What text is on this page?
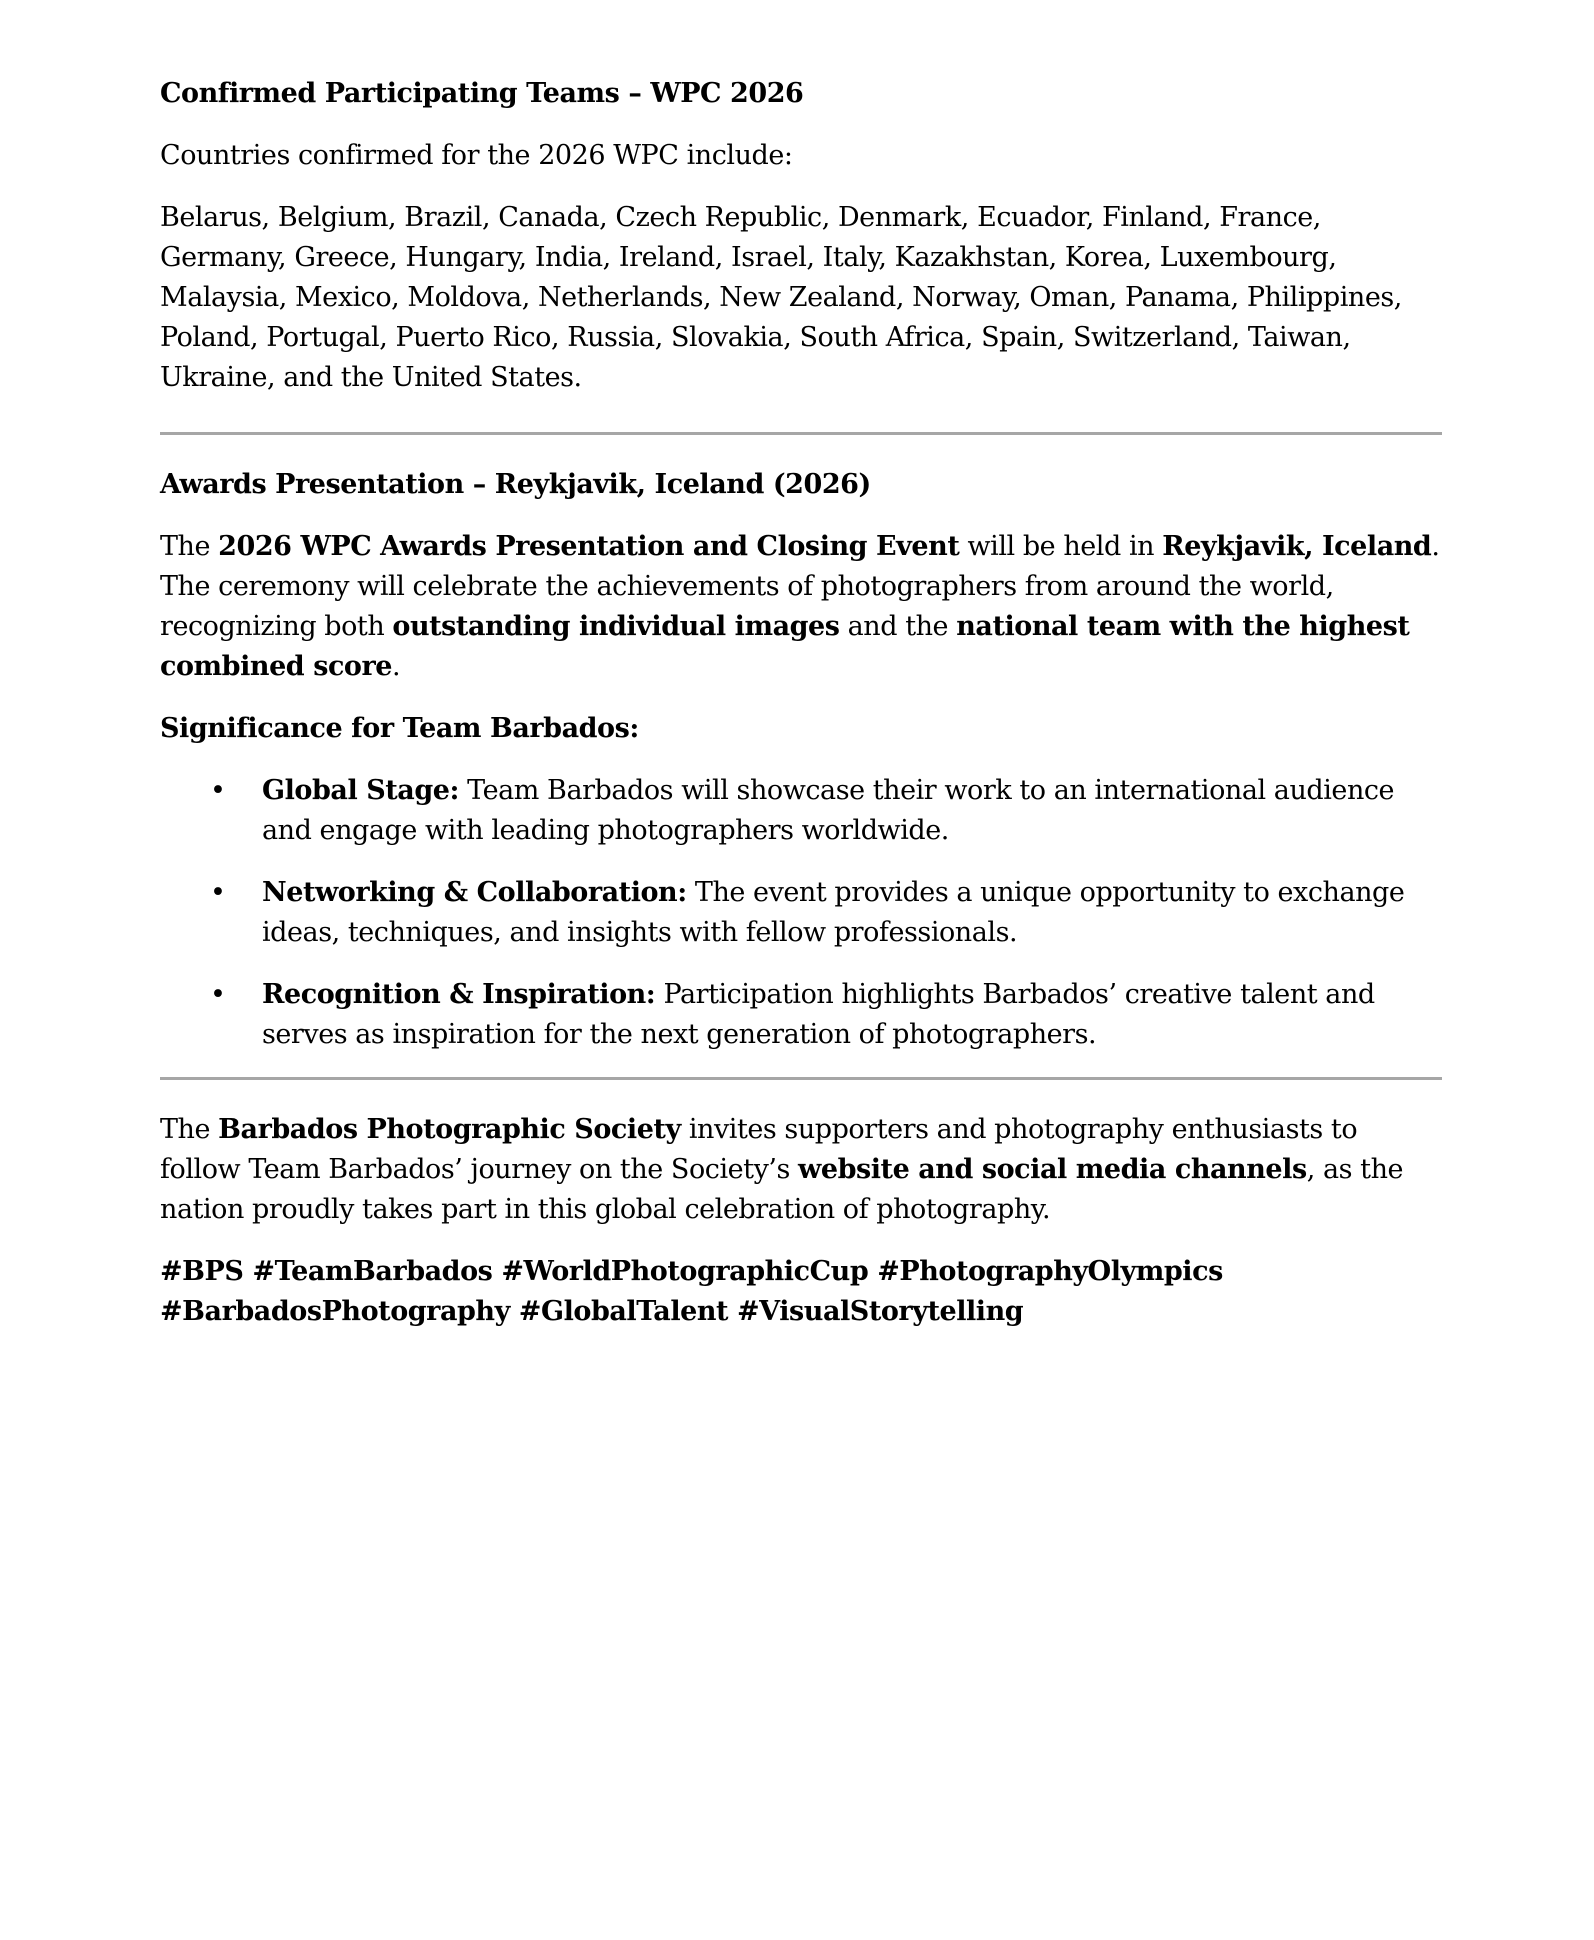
Confirmed Participating Teams – WPC 2026

Countries confirmed for the 2026 WPC include:

Belarus, Belgium, Brazil, Canada, Czech Republic, Denmark, Ecuador, Finland, France, Germany, Greece, Hungary, India, Ireland, Israel, Italy, Kazakhstan, Korea, Luxembourg, Malaysia, Mexico, Moldova, Netherlands, New Zealand, Norway, Oman, Panama, Philippines, Poland, Portugal, Puerto Rico, Russia, Slovakia, South Africa, Spain, Switzerland, Taiwan, Ukraine, and the United States.

Awards Presentation – Reykjavik, Iceland (2026)

The 2026 WPC Awards Presentation and Closing Event will be held in Reykjavik, Iceland. The ceremony will celebrate the achievements of photographers from around the world, recognizing both outstanding individual images and the national team with the highest combined score.

Significance for Team Barbados:

• Global Stage: Team Barbados will showcase their work to an international audience and engage with leading photographers worldwide.
• Networking & Collaboration: The event provides a unique opportunity to exchange ideas, techniques, and insights with fellow professionals.
• Recognition & Inspiration: Participation highlights Barbados’ creative talent and serves as inspiration for the next generation of photographers.

The Barbados Photographic Society invites supporters and photography enthusiasts to follow Team Barbados’ journey on the Society’s website and social media channels, as the nation proudly takes part in this global celebration of photography.

#BPS #TeamBarbados #WorldPhotographicCup #PhotographyOlympics
#BarbadosPhotography #GlobalTalent #VisualStorytelling
